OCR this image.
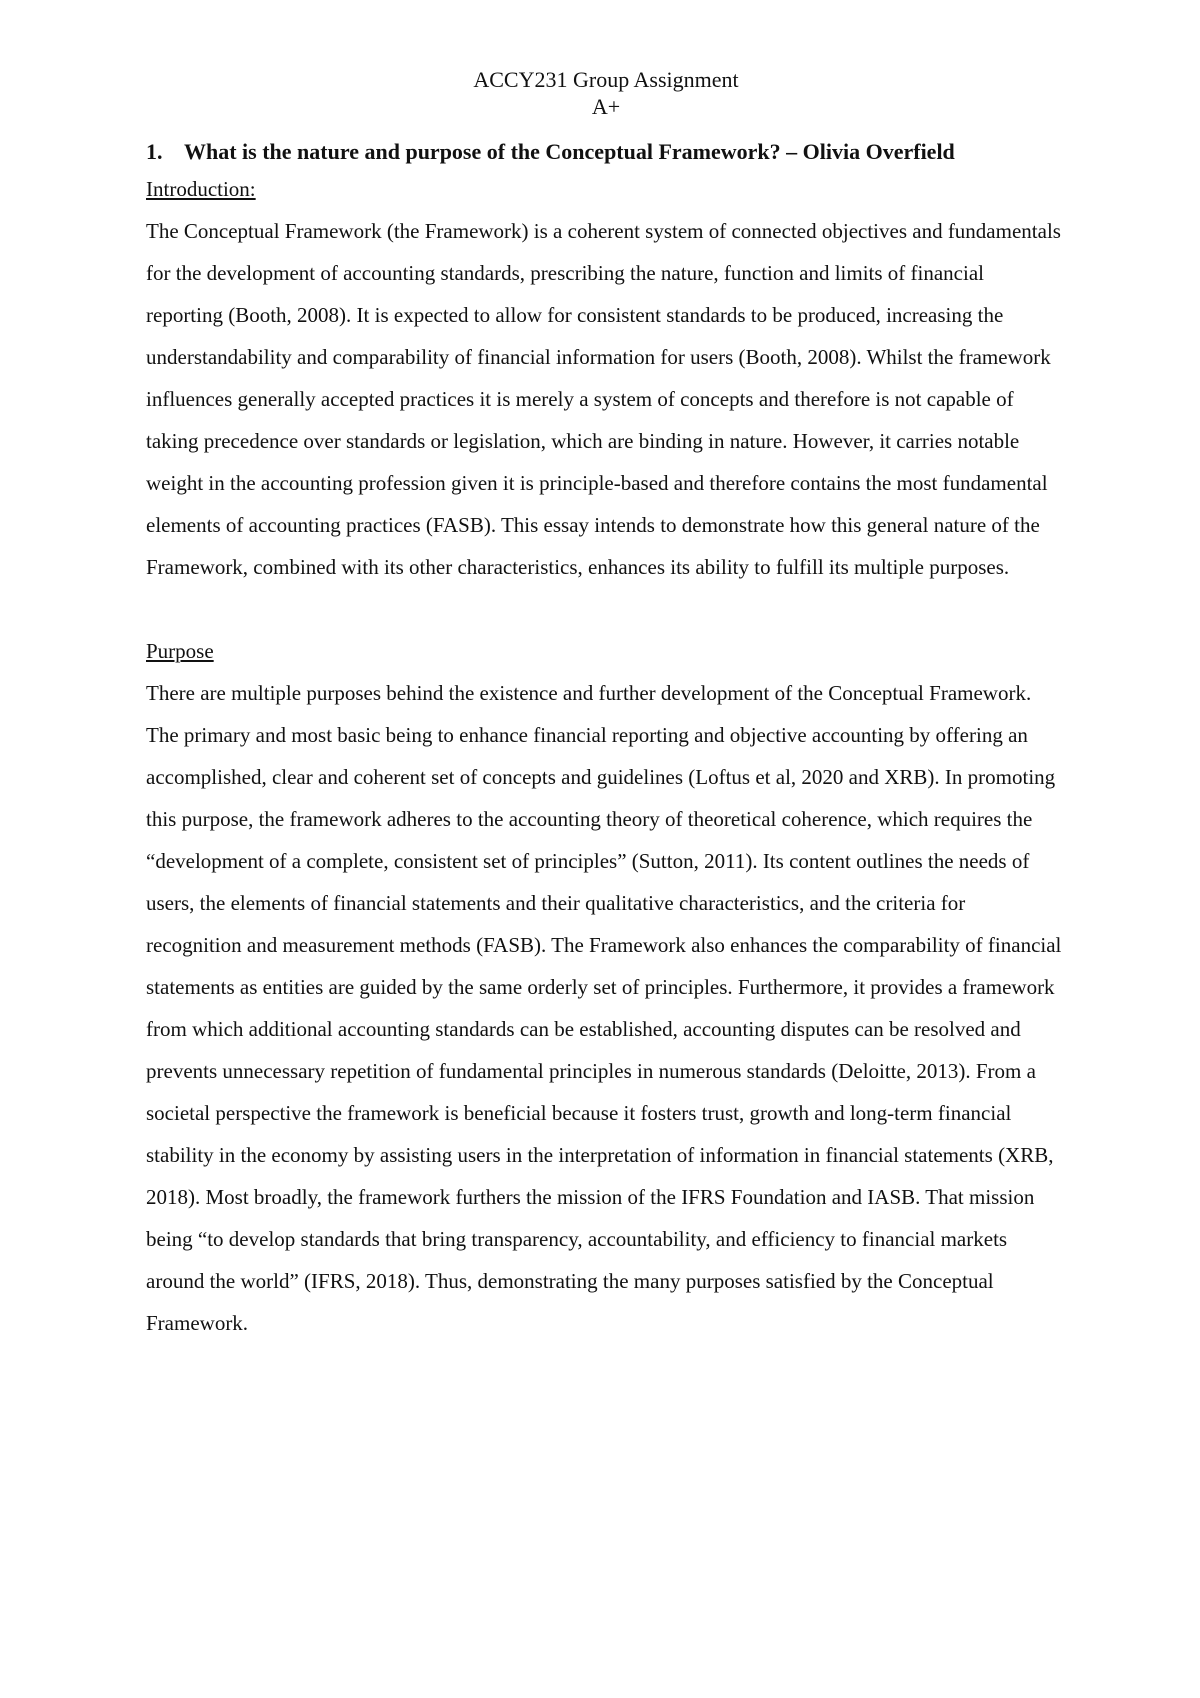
ACCY231 Group Assignment
A+
1. What is the nature and purpose of the Conceptual Framework? – Olivia Overfield
Introduction:

The Conceptual Framework (the Framework) is a coherent system of connected objectives and fundamentals for the development of accounting standards, prescribing the nature, function and limits of financial reporting (Booth, 2008). It is expected to allow for consistent standards to be produced, increasing the understandability and comparability of financial information for users (Booth, 2008). Whilst the framework influences generally accepted practices it is merely a system of concepts and therefore is not capable of taking precedence over standards or legislation, which are binding in nature. However, it carries notable weight in the accounting profession given it is principle-based and therefore contains the most fundamental elements of accounting practices (FASB). This essay intends to demonstrate how this general nature of the Framework, combined with its other characteristics, enhances its ability to fulfill its multiple purposes.

Purpose

There are multiple purposes behind the existence and further development of the Conceptual Framework. The primary and most basic being to enhance financial reporting and objective accounting by offering an accomplished, clear and coherent set of concepts and guidelines (Loftus et al, 2020 and XRB). In promoting this purpose, the framework adheres to the accounting theory of theoretical coherence, which requires the “development of a complete, consistent set of principles” (Sutton, 2011). Its content outlines the needs of users, the elements of financial statements and their qualitative characteristics, and the criteria for recognition and measurement methods (FASB). The Framework also enhances the comparability of financial statements as entities are guided by the same orderly set of principles. Furthermore, it provides a framework from which additional accounting standards can be established, accounting disputes can be resolved and prevents unnecessary repetition of fundamental principles in numerous standards (Deloitte, 2013). From a societal perspective the framework is beneficial because it fosters trust, growth and long-term financial stability in the economy by assisting users in the interpretation of information in financial statements (XRB, 2018). Most broadly, the framework furthers the mission of the IFRS Foundation and IASB. That mission being “to develop standards that bring transparency, accountability, and efficiency to financial markets around the world” (IFRS, 2018). Thus, demonstrating the many purposes satisfied by the Conceptual Framework.
